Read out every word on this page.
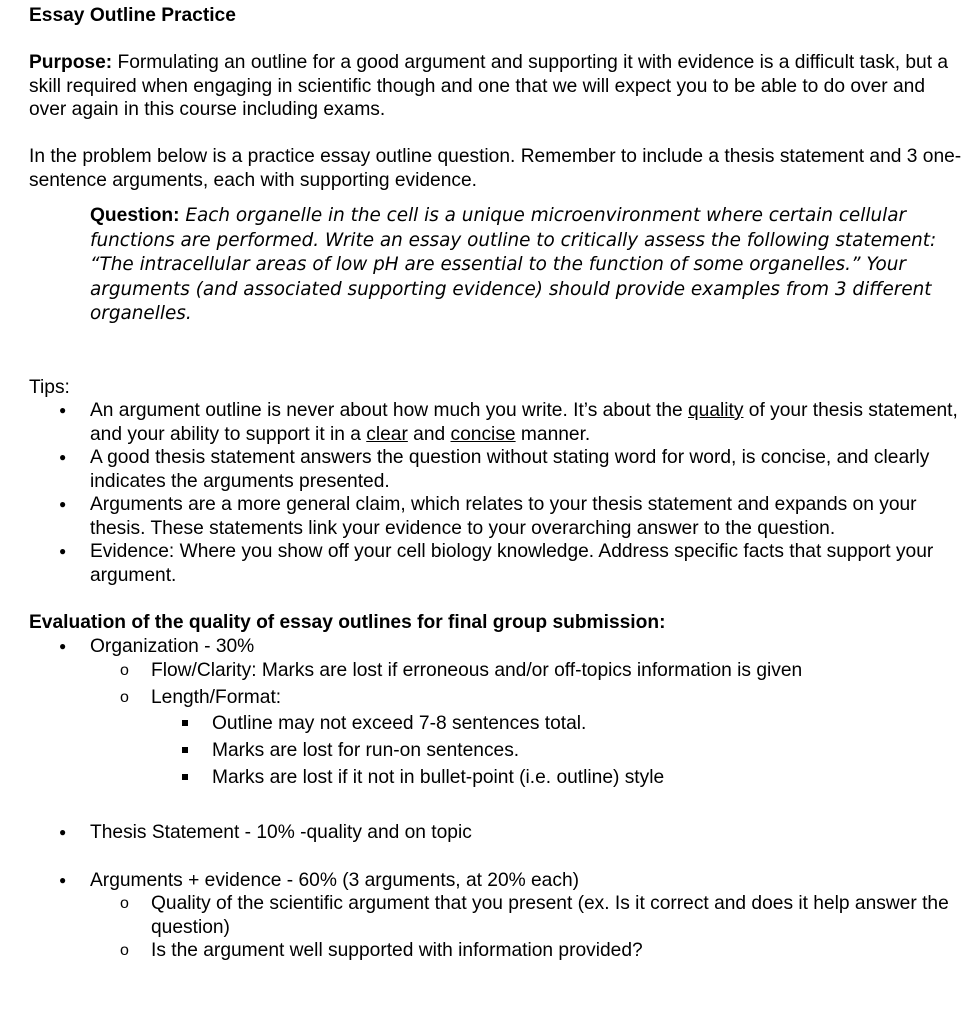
Essay Outline Practice

Purpose: Formulating an outline for a good argument and supporting it with evidence is a difficult task, but a skill required when engaging in scientific though and one that we will expect you to be able to do over and over again in this course including exams.

In the problem below is a practice essay outline question. Remember to include a thesis statement and 3 one-sentence arguments, each with supporting evidence.

Question: Each organelle in the cell is a unique microenvironment where certain cellular functions are performed. Write an essay outline to critically assess the following statement: “The intracellular areas of low pH are essential to the function of some organelles.” Your arguments (and associated supporting evidence) should provide examples from 3 different organelles.

Tips:

● An argument outline is never about how much you write. It’s about the quality of your thesis statement, and your ability to support it in a clear and concise manner.
● A good thesis statement answers the question without stating word for word, is concise, and clearly indicates the arguments presented.
● Arguments are a more general claim, which relates to your thesis statement and expands on your thesis. These statements link your evidence to your overarching answer to the question.
● Evidence: Where you show off your cell biology knowledge. Address specific facts that support your argument.

Evaluation of the quality of essay outlines for final group submission:

● Organization - 30%
o Flow/Clarity: Marks are lost if erroneous and/or off-topics information is given
o Length/Format:
Outline may not exceed 7-8 sentences total.
Marks are lost for run-on sentences.
Marks are lost if it not in bullet-point (i.e. outline) style
● Thesis Statement - 10% -quality and on topic
● Arguments + evidence - 60% (3 arguments, at 20% each)
o Quality of the scientific argument that you present (ex. Is it correct and does it help answer the question)
o Is the argument well supported with information provided?
